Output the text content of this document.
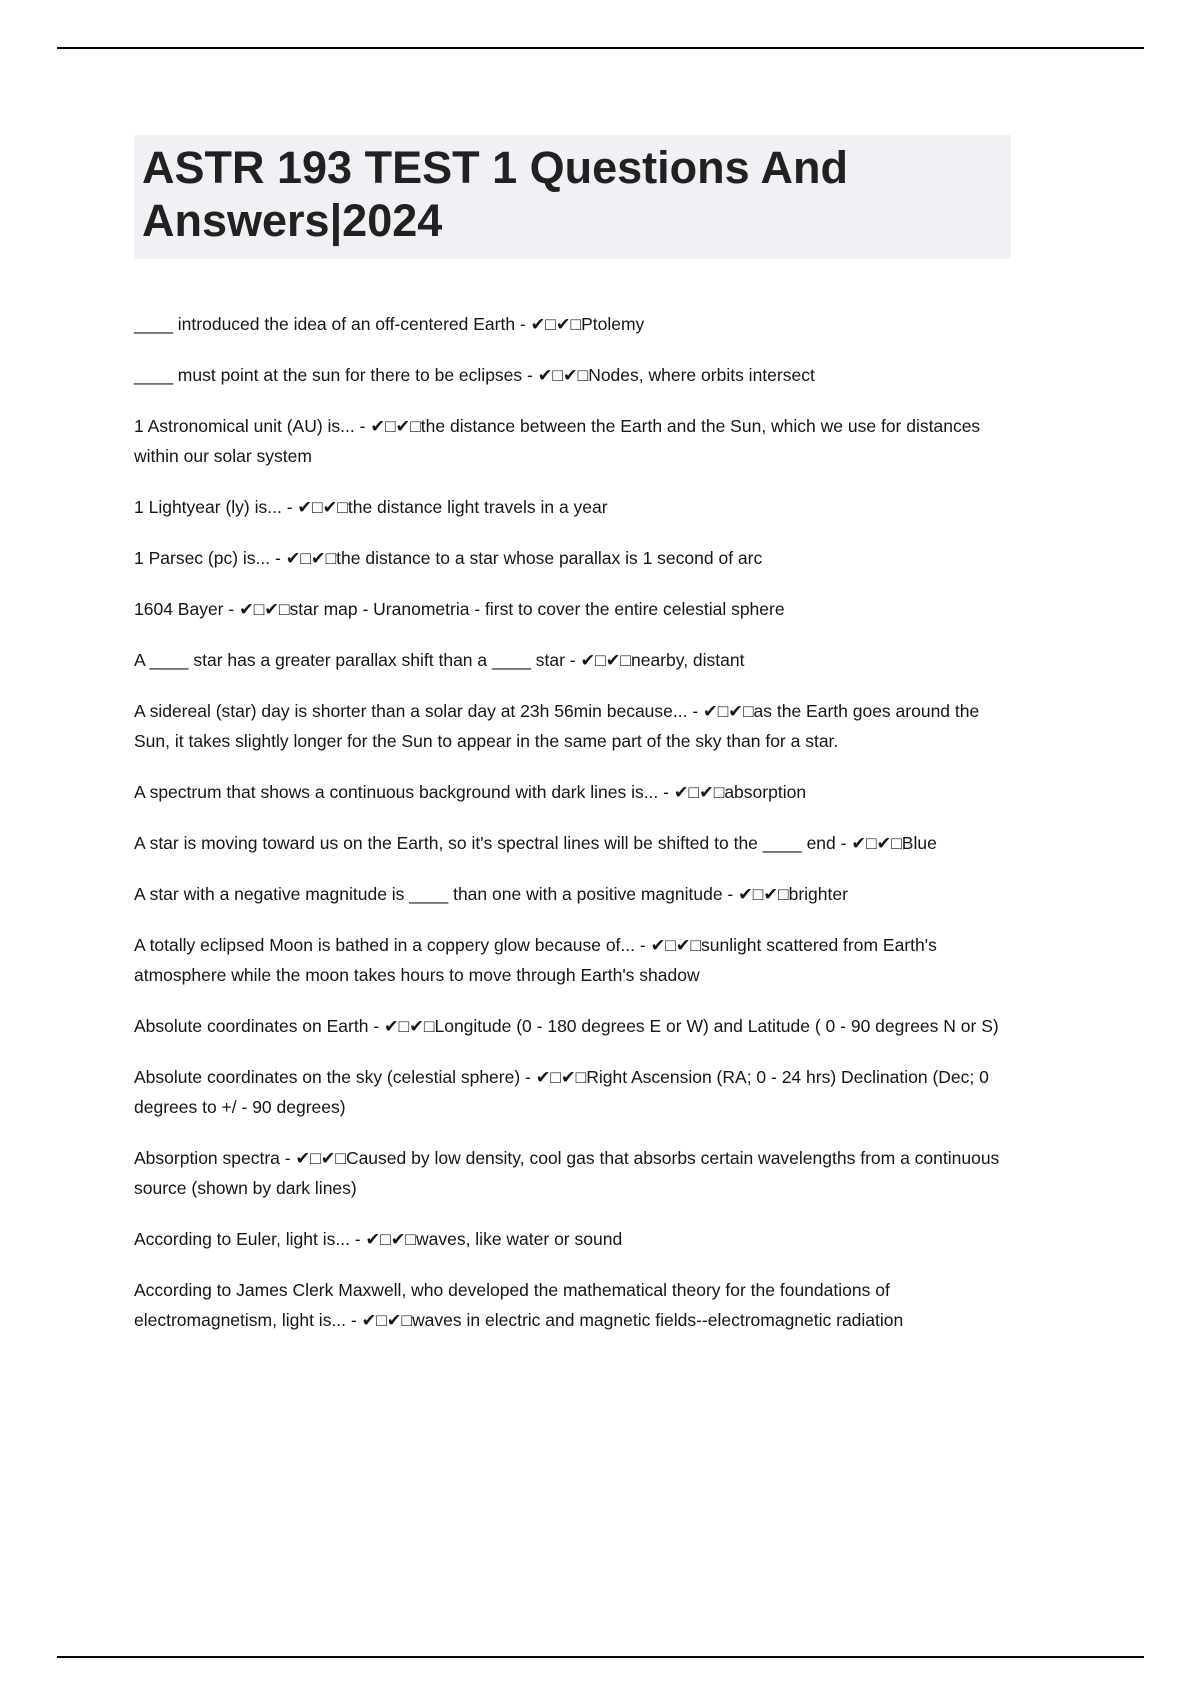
ASTR 193 TEST 1 Questions And Answers|2024

____ introduced the idea of an off-centered Earth - ✔□✔□Ptolemy

____ must point at the sun for there to be eclipses - ✔□✔□Nodes, where orbits intersect

1 Astronomical unit (AU) is... - ✔□✔□the distance between the Earth and the Sun, which we use for distances within our solar system

1 Lightyear (ly) is... - ✔□✔□the distance light travels in a year

1 Parsec (pc) is... - ✔□✔□the distance to a star whose parallax is 1 second of arc

1604 Bayer - ✔□✔□star map - Uranometria - first to cover the entire celestial sphere

A ____ star has a greater parallax shift than a ____ star - ✔□✔□nearby, distant

A sidereal (star) day is shorter than a solar day at 23h 56min because... - ✔□✔□as the Earth goes around the Sun, it takes slightly longer for the Sun to appear in the same part of the sky than for a star.

A spectrum that shows a continuous background with dark lines is... - ✔□✔□absorption

A star is moving toward us on the Earth, so it's spectral lines will be shifted to the ____ end - ✔□✔□Blue

A star with a negative magnitude is ____ than one with a positive magnitude - ✔□✔□brighter

A totally eclipsed Moon is bathed in a coppery glow because of... - ✔□✔□sunlight scattered from Earth's atmosphere while the moon takes hours to move through Earth's shadow

Absolute coordinates on Earth - ✔□✔□Longitude (0 - 180 degrees E or W) and Latitude ( 0 - 90 degrees N or S)

Absolute coordinates on the sky (celestial sphere) - ✔□✔□Right Ascension (RA; 0 - 24 hrs) Declination (Dec; 0 degrees to +/ - 90 degrees)

Absorption spectra - ✔□✔□Caused by low density, cool gas that absorbs certain wavelengths from a continuous source (shown by dark lines)

According to Euler, light is... - ✔□✔□waves, like water or sound

According to James Clerk Maxwell, who developed the mathematical theory for the foundations of electromagnetism, light is... - ✔□✔□waves in electric and magnetic fields--electromagnetic radiation
